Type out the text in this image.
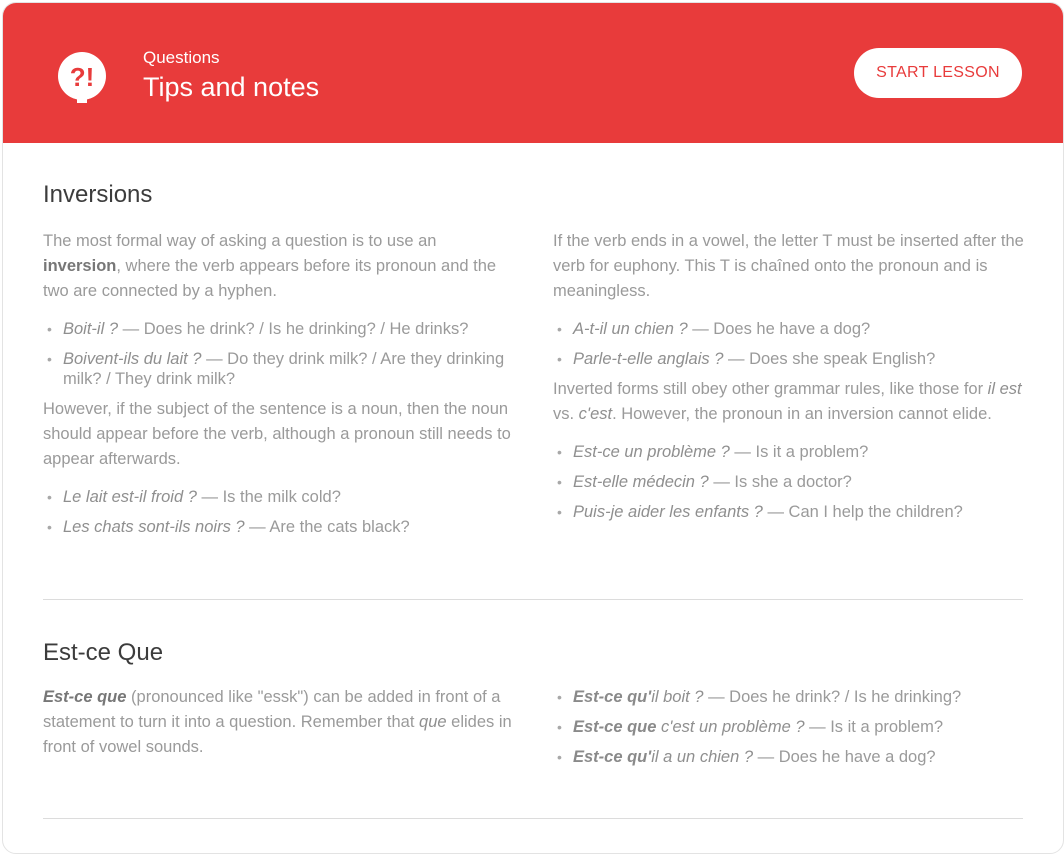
?!
Questions
Tips and notes	START LESSON
Inversions

The most formal way of asking a question is to use an inversion, where the verb appears before its pronoun and the two are connected by a hyphen.

• Boit-il ? — Does he drink? / Is he drinking? / He drinks?
• Boivent-ils du lait ? — Do they drink milk? / Are they drinking milk? / They drink milk?

However, if the subject of the sentence is a noun, then the noun should appear before the verb, although a pronoun still needs to appear afterwards.

• Le lait est-il froid ? — Is the milk cold?
• Les chats sont-ils noirs ? — Are the cats black?

If the verb ends in a vowel, the letter T must be inserted after the verb for euphony. This T is chaîned onto the pronoun and is meaningless.

• A-t-il un chien ? — Does he have a dog?
• Parle-t-elle anglais ? — Does she speak English?

Inverted forms still obey other grammar rules, like those for il est vs. c'est. However, the pronoun in an inversion cannot elide.

• Est-ce un problème ? — Is it a problem?
• Est-elle médecin ? — Is she a doctor?
• Puis-je aider les enfants ? — Can I help the children?
Est-ce Que

Est-ce que (pronounced like "essk") can be added in front of a statement to turn it into a question. Remember that que elides in front of vowel sounds.

• Est-ce qu'il boit ? — Does he drink? / Is he drinking?
• Est-ce que c'est un problème ? — Is it a problem?
• Est-ce qu'il a un chien ? — Does he have a dog?
